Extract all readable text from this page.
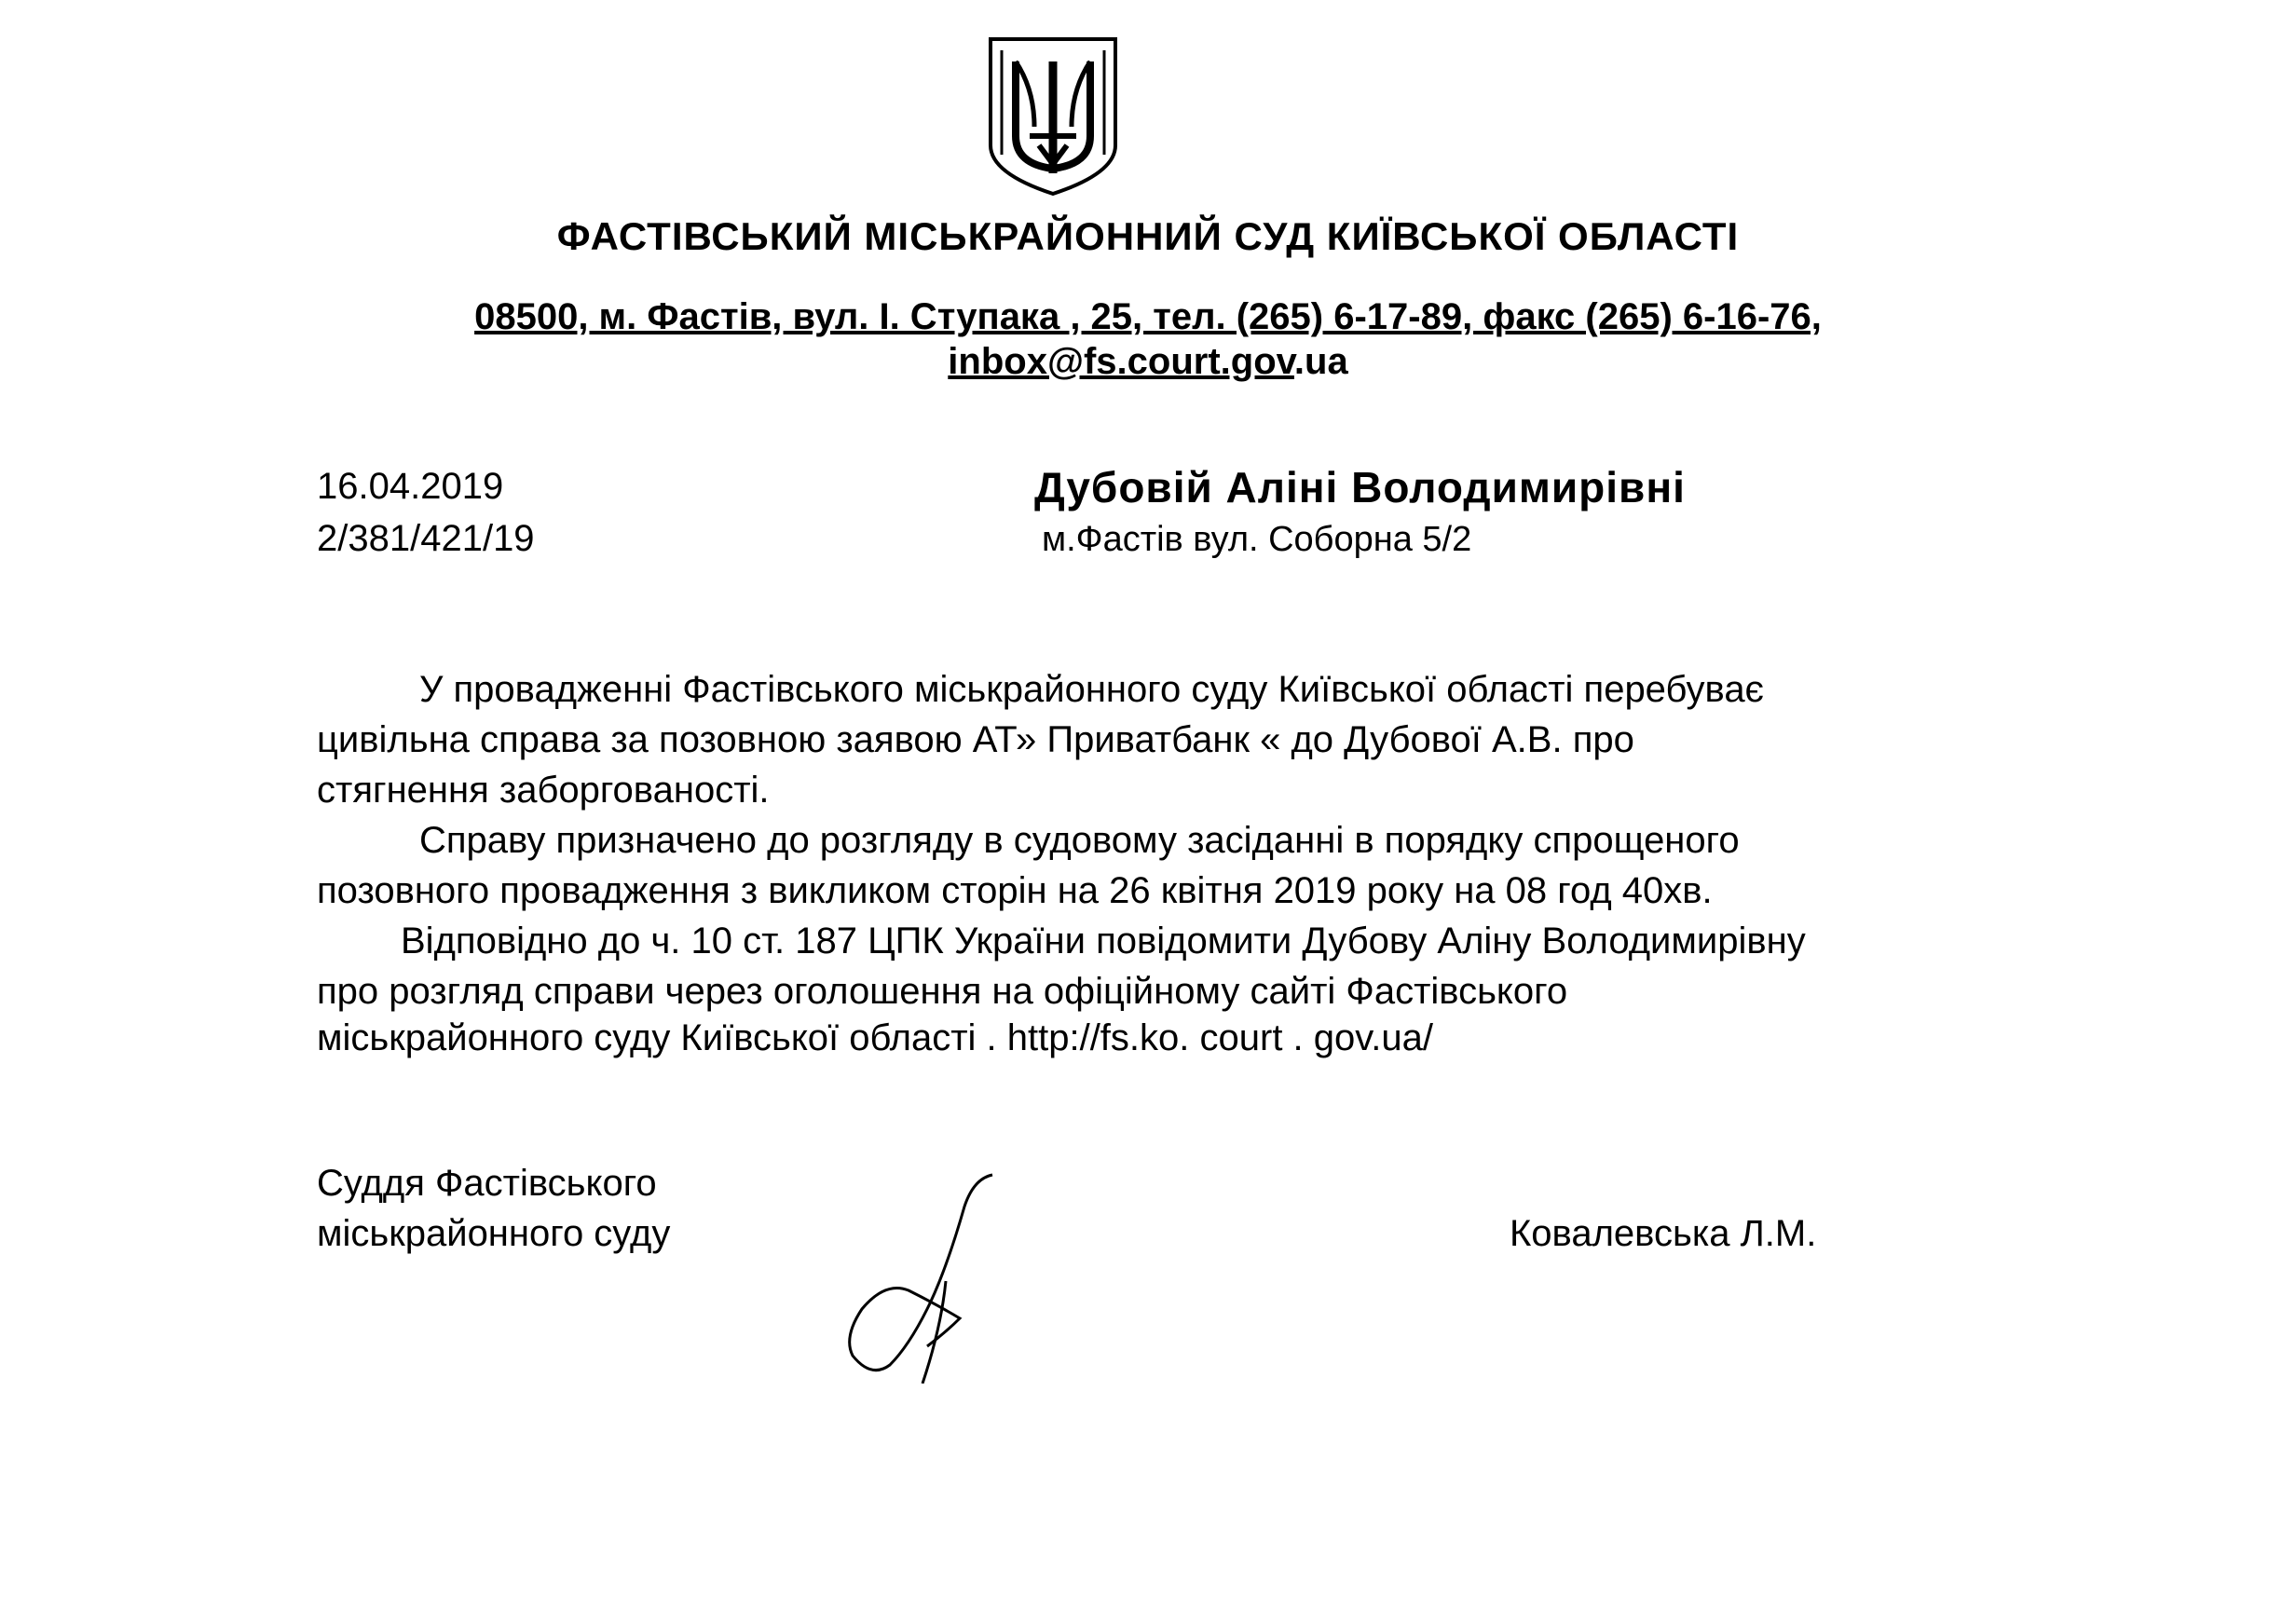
ФАСТІВСЬКИЙ МІСЬКРАЙОННИЙ СУД КИЇВСЬКОЇ ОБЛАСТІ
08500, м. Фастів, вул. І. Ступака , 25, тел. (265) 6-17-89, факс (265) 6-16-76,
inbox@fs.court.gov.ua
16.04.2019
2/381/421/19
Дубовій Аліні Володимирівні
м.Фастів вул. Соборна 5/2
У провадженні Фастівського міськрайонного суду Київської області перебуває
цивільна справа за позовною заявою АТ» Приватбанк « до Дубової А.В. про
стягнення заборгованості.
Справу призначено до розгляду в судовому засіданні в порядку спрощеного
позовного провадження з викликом сторін на 26 квітня 2019 року на 08 год 40хв.
Відповідно до ч. 10 ст. 187 ЦПК України повідомити Дубову Аліну Володимирівну
про розгляд справи через оголошення на офіційному сайті Фастівського
міськрайонного суду Київської області . http://fs.ko. court . gov.ua/
Суддя Фастівського
міськрайонного суду	Ковалевська Л.М.
